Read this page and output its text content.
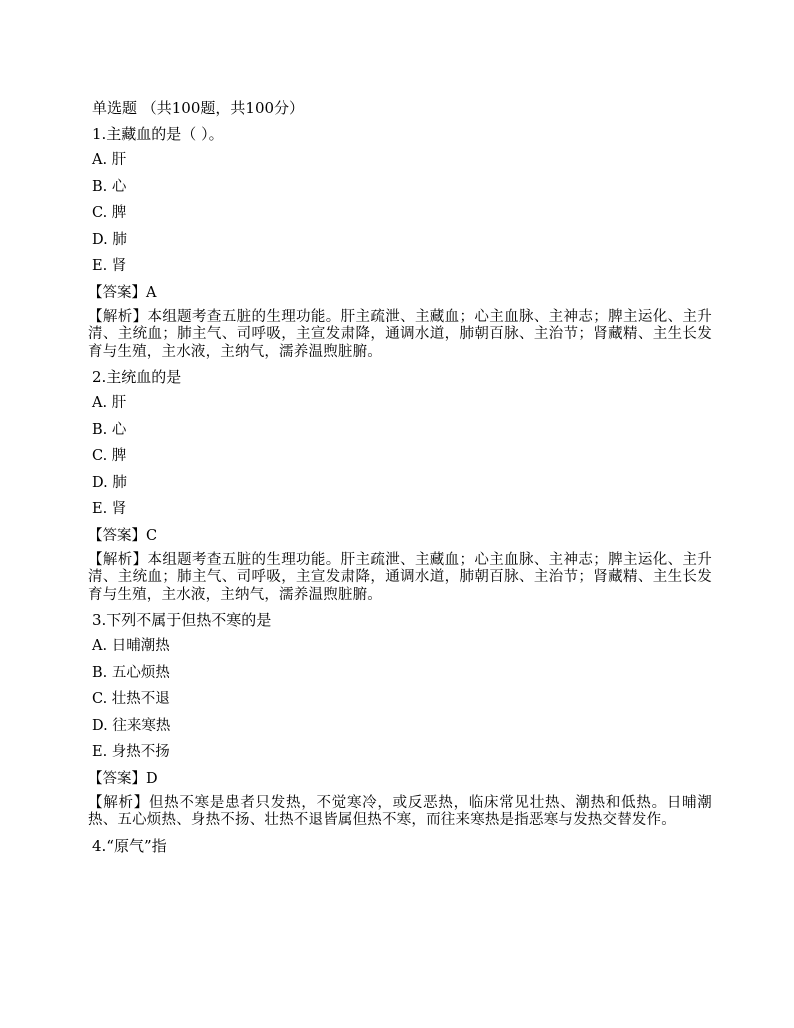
单选题 （共100题，共100分）
1.主藏血的是（ ）。
A. 肝
B. 心
C. 脾
D. 肺
E. 肾
【答案】A
【解析】本组题考查五脏的生理功能。肝主疏泄、主藏血；心主血脉、主神志；脾主运化、主升清、主统血；肺主气、司呼吸，主宣发肃降，通调水道，肺朝百脉、主治节；肾藏精、主生长发育与生殖，主水液，主纳气，濡养温煦脏腑。
2.主统血的是
A. 肝
B. 心
C. 脾
D. 肺
E. 肾
【答案】C
【解析】本组题考查五脏的生理功能。肝主疏泄、主藏血；心主血脉、主神志；脾主运化、主升清、主统血；肺主气、司呼吸，主宣发肃降，通调水道，肺朝百脉、主治节；肾藏精、主生长发育与生殖，主水液，主纳气，濡养温煦脏腑。
3.下列不属于但热不寒的是
A. 日晡潮热
B. 五心烦热
C. 壮热不退
D. 往来寒热
E. 身热不扬
【答案】D
【解析】但热不寒是患者只发热，不觉寒冷，或反恶热，临床常见壮热、潮热和低热。日晡潮热、五心烦热、身热不扬、壮热不退皆属但热不寒，而往来寒热是指恶寒与发热交替发作。
4.“原气”指
